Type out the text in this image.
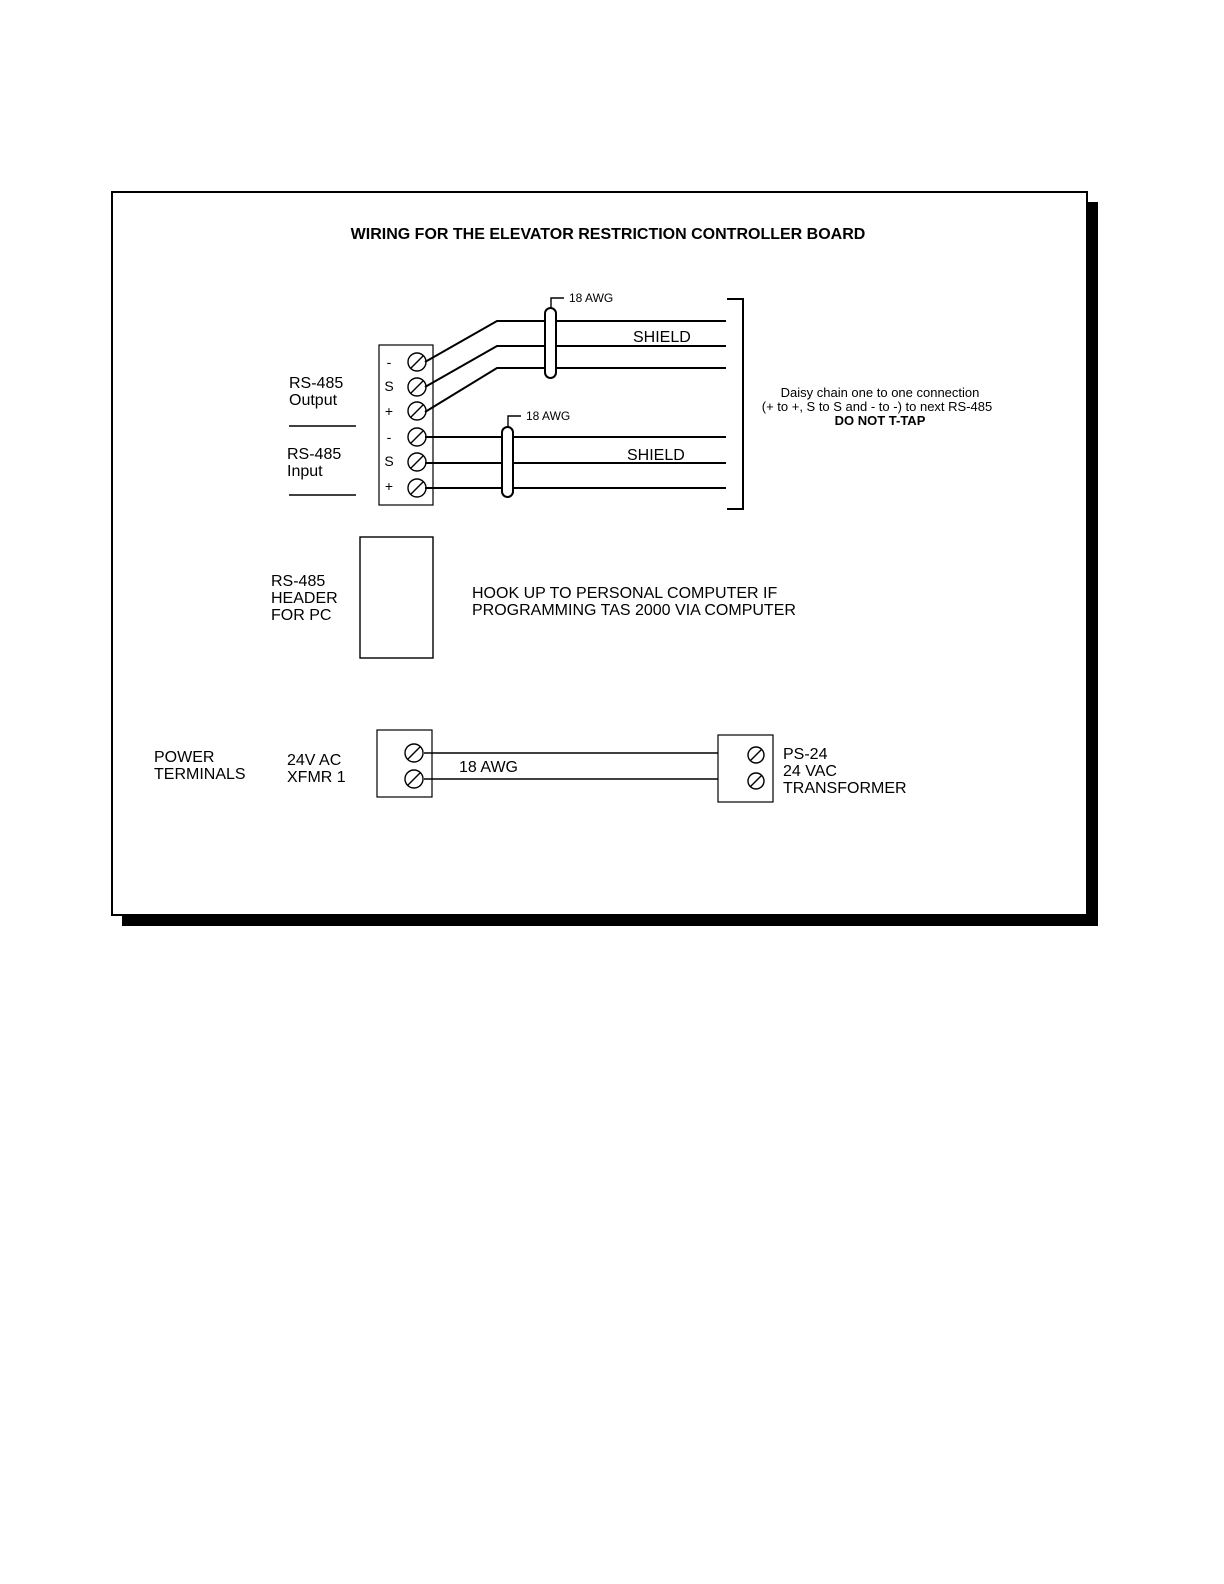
WIRING FOR THE ELEVATOR RESTRICTION CONTROLLER BOARD
-
S
+
-
S
+
RS-485
Output
RS-485
Input
18 AWG
SHIELD
18 AWG
SHIELD
Daisy chain one to one connection
(+ to +, S to S and - to -) to next RS-485
DO NOT T-TAP
RS-485
HEADER
FOR PC
HOOK UP TO PERSONAL COMPUTER IF
PROGRAMMING TAS 2000 VIA COMPUTER
POWER
TERMINALS
24V AC
XFMR 1
18 AWG
PS-24
24 VAC
TRANSFORMER
